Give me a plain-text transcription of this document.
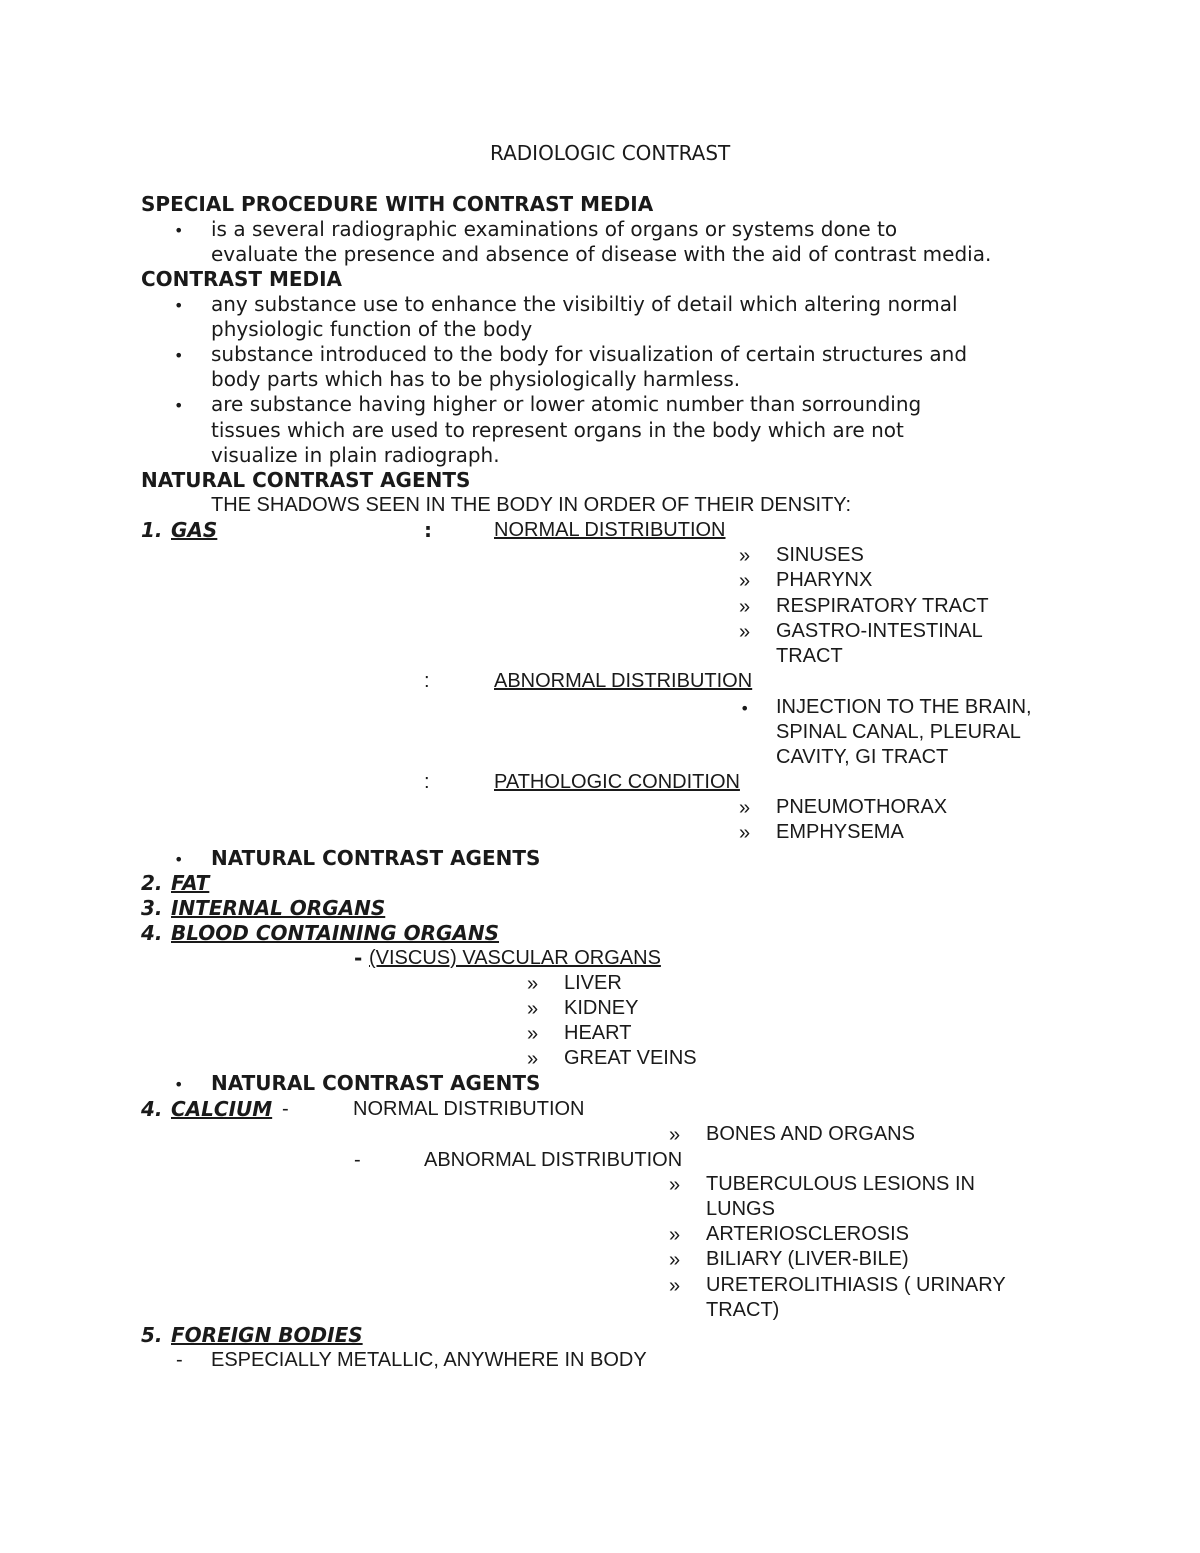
RADIOLOGIC CONTRAST
SPECIAL PROCEDURE WITH CONTRAST MEDIA
• is a several radiographic examinations of organs or systems done to
evaluate the presence and absence of disease with the aid of contrast media.
CONTRAST MEDIA
• any substance use to enhance the visibiltiy of detail which altering normal
physiologic function of the body
• substance introduced to the body for visualization of certain structures and
body parts which has to be physiologically harmless.
• are substance having higher or lower atomic number than sorrounding
tissues which are used to represent organs in the body which are not
visualize in plain radiograph.
NATURAL CONTRAST AGENTS
THE SHADOWS SEEN IN THE BODY IN ORDER OF THEIR DENSITY:
1. GAS	:	NORMAL DISTRIBUTION
» SINUSES
» PHARYNX
» RESPIRATORY TRACT
» GASTRO-INTESTINAL
TRACT
:	ABNORMAL DISTRIBUTION
• INJECTION TO THE BRAIN,
SPINAL CANAL, PLEURAL
CAVITY, GI TRACT
:	PATHOLOGIC CONDITION
» PNEUMOTHORAX
» EMPHYSEMA
• NATURAL CONTRAST AGENTS
2. FAT
3. INTERNAL ORGANS
4. BLOOD CONTAINING ORGANS
- (VISCUS) VASCULAR ORGANS
» LIVER
» KIDNEY
» HEART
» GREAT VEINS
• NATURAL CONTRAST AGENTS
4. CALCIUM -	NORMAL DISTRIBUTION
» BONES AND ORGANS
-	ABNORMAL DISTRIBUTION
» TUBERCULOUS LESIONS IN
LUNGS
» ARTERIOSCLEROSIS
» BILIARY (LIVER-BILE)
» URETEROLITHIASIS ( URINARY
TRACT)
5. FOREIGN BODIES
- ESPECIALLY METALLIC, ANYWHERE IN BODY
